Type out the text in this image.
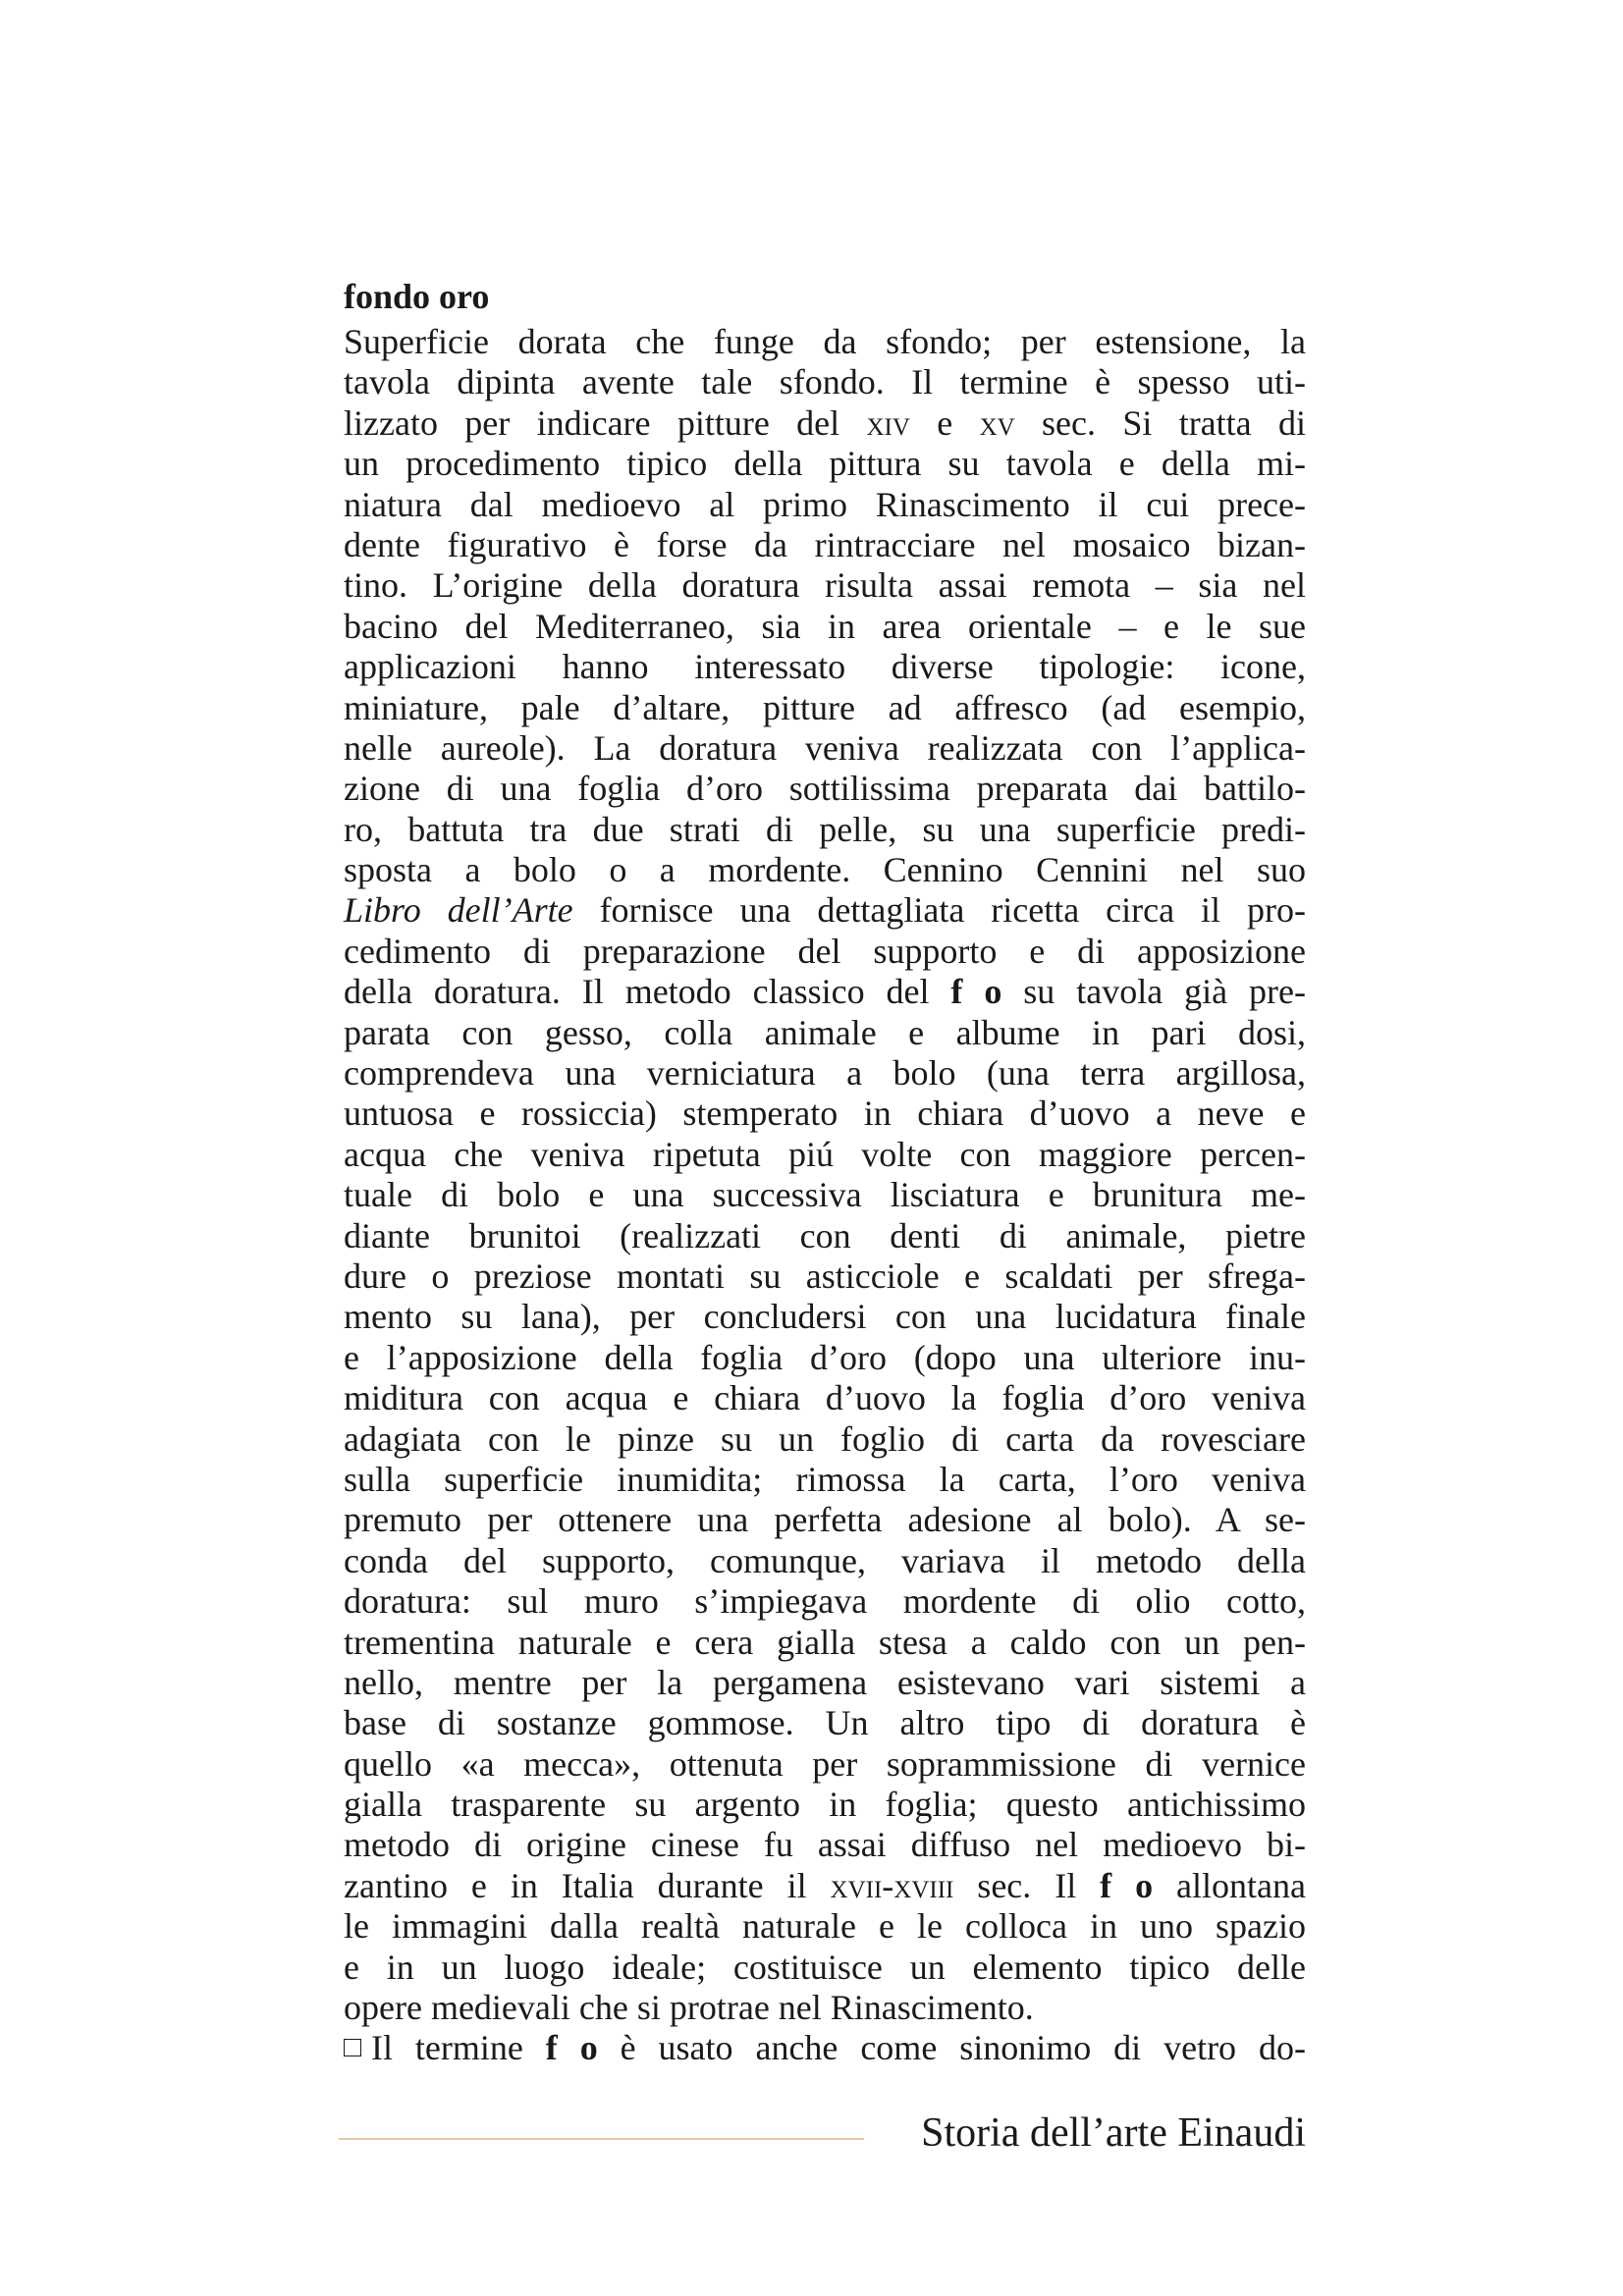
fondo oro
Superficie dorata che funge da sfondo; per estensione, la
tavola dipinta avente tale sfondo. Il termine è spesso uti-
lizzato per indicare pitture del xiv e xv sec. Si tratta di
un procedimento tipico della pittura su tavola e della mi-
niatura dal medioevo al primo Rinascimento il cui prece-
dente figurativo è forse da rintracciare nel mosaico bizan-
tino. L’origine della doratura risulta assai remota – sia nel
bacino del Mediterraneo, sia in area orientale – e le sue
applicazioni hanno interessato diverse tipologie: icone,
miniature, pale d’altare, pitture ad affresco (ad esempio,
nelle aureole). La doratura veniva realizzata con l’applica-
zione di una foglia d’oro sottilissima preparata dai battilo-
ro, battuta tra due strati di pelle, su una superficie predi-
sposta a bolo o a mordente. Cennino Cennini nel suo
Libro dell’Arte fornisce una dettagliata ricetta circa il pro-
cedimento di preparazione del supporto e di apposizione
della doratura. Il metodo classico del f o su tavola già pre-
parata con gesso, colla animale e albume in pari dosi,
comprendeva una verniciatura a bolo (una terra argillosa,
untuosa e rossiccia) stemperato in chiara d’uovo a neve e
acqua che veniva ripetuta piú volte con maggiore percen-
tuale di bolo e una successiva lisciatura e brunitura me-
diante brunitoi (realizzati con denti di animale, pietre
dure o preziose montati su asticciole e scaldati per sfrega-
mento su lana), per concludersi con una lucidatura finale
e l’apposizione della foglia d’oro (dopo una ulteriore inu-
miditura con acqua e chiara d’uovo la foglia d’oro veniva
adagiata con le pinze su un foglio di carta da rovesciare
sulla superficie inumidita; rimossa la carta, l’oro veniva
premuto per ottenere una perfetta adesione al bolo). A se-
conda del supporto, comunque, variava il metodo della
doratura: sul muro s’impiegava mordente di olio cotto,
trementina naturale e cera gialla stesa a caldo con un pen-
nello, mentre per la pergamena esistevano vari sistemi a
base di sostanze gommose. Un altro tipo di doratura è
quello «a mecca», ottenuta per soprammissione di vernice
gialla trasparente su argento in foglia; questo antichissimo
metodo di origine cinese fu assai diffuso nel medioevo bi-
zantino e in Italia durante il xvii-xviii sec. Il f o allontana
le immagini dalla realtà naturale e le colloca in uno spazio
e in un luogo ideale; costituisce un elemento tipico delle
opere medievali che si protrae nel Rinascimento.
Il termine f o è usato anche come sinonimo di vetro do-
Storia dell’arte Einaudi
